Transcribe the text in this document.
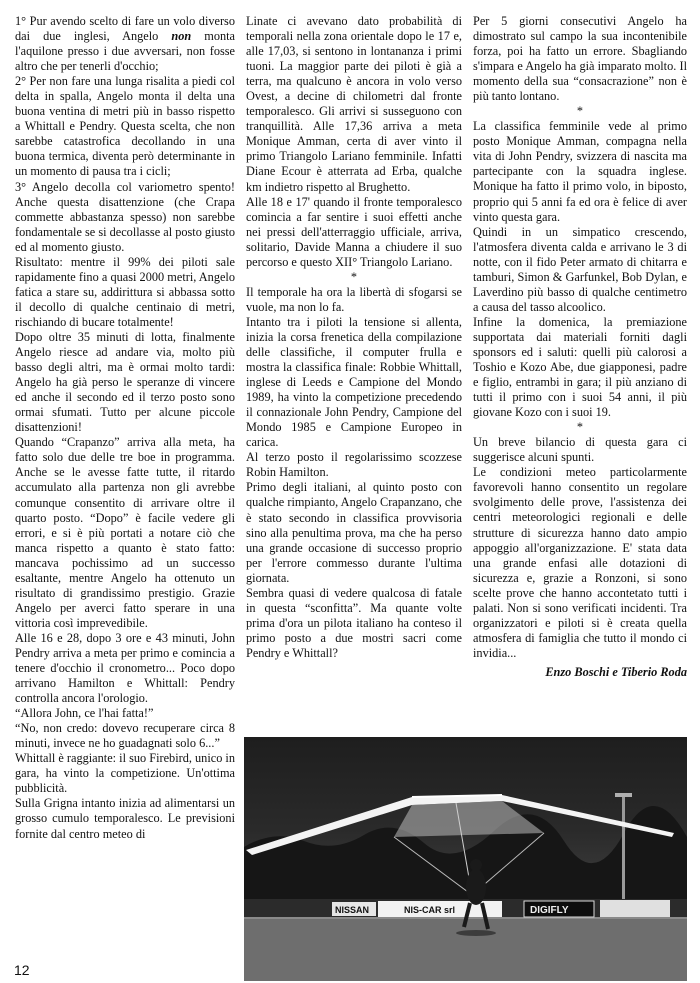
1° Pur avendo scelto di fare un volo diverso dai due inglesi, Angelo non monta l'aquilone presso i due avversari, non fosse altro che per tenerli d'occhio;

2° Per non fare una lunga risalita a piedi col delta in spalla, Angelo monta il delta una buona ventina di metri più in basso rispetto a Whittall e Pendry. Questa scelta, che non sarebbe catastrofica decollando in una buona termica, diventa però determinante in un momento di pausa tra i cicli;

3° Angelo decolla col variometro spento! Anche questa disattenzione (che Crapa commette abbastanza spesso) non sarebbe fondamentale se si decollasse al posto giusto ed al momento giusto.

Risultato: mentre il 99% dei piloti sale rapidamente fino a quasi 2000 metri, Angelo fatica a stare su, addirittura si abbassa sotto il decollo di qualche centinaio di metri, rischiando di bucare totalmente!

Dopo oltre 35 minuti di lotta, finalmente Angelo riesce ad andare via, molto più basso degli altri, ma è ormai molto tardi: Angelo ha già perso le speranze di vincere ed anche il secondo ed il terzo posto sono ormai sfumati. Tutto per alcune piccole disattenzioni!

Quando “Crapanzo” arriva alla meta, ha fatto solo due delle tre boe in programma. Anche se le avesse fatte tutte, il ritardo accumulato alla partenza non gli avrebbe comunque consentito di arrivare oltre il quarto posto. “Dopo” è facile vedere gli errori, e si è più portati a notare ciò che manca rispetto a quanto è stato fatto: mancava pochissimo ad un successo esaltante, mentre Angelo ha ottenuto un risultato di grandissimo prestigio. Grazie Angelo per averci fatto sperare in una vittoria così imprevedibile.

Alle 16 e 28, dopo 3 ore e 43 minuti, John Pendry arriva a meta per primo e comincia a tenere d'occhio il cronometro... Poco dopo arrivano Hamilton e Whittall: Pendry controlla ancora l'orologio.

“Allora John, ce l'hai fatta!”

“No, non credo: dovevo recuperare circa 8 minuti, invece ne ho guadagnati solo 6...”

Whittall è raggiante: il suo Firebird, unico in gara, ha vinto la competizione. Un'ottima pubblicità.

Sulla Grigna intanto inizia ad alimentarsi un grosso cumulo temporalesco. Le previsioni fornite dal centro meteo di

Linate ci avevano dato probabilità di temporali nella zona orientale dopo le 17 e, alle 17,03, si sentono in lontananza i primi tuoni. La maggior parte dei piloti è già a terra, ma qualcuno è ancora in volo verso Ovest, a decine di chilometri dal fronte temporalesco. Gli arrivi si susseguono con tranquillità. Alle 17,36 arriva a meta Monique Amman, certa di aver vinto il primo Triangolo Lariano femminile. Infatti Diane Ecour è atterrata ad Erba, qualche km indietro rispetto al Brughetto.

Alle 18 e 17' quando il fronte temporalesco comincia a far sentire i suoi effetti anche nei pressi dell'atterraggio ufficiale, arriva, solitario, Davide Manna a chiudere il suo percorso e questo XII° Triangolo Lariano.

*

Il temporale ha ora la libertà di sfogarsi se vuole, ma non lo fa.

Intanto tra i piloti la tensione si allenta, inizia la corsa frenetica della compilazione delle classifiche, il computer frulla e mostra la classifica finale: Robbie Whittall, inglese di Leeds e Campione del Mondo 1989, ha vinto la competizione precedendo il connazionale John Pendry, Campione del Mondo 1985 e Campione Europeo in carica.

Al terzo posto il regolarissimo scozzese Robin Hamilton.

Primo degli italiani, al quinto posto con qualche rimpianto, Angelo Crapanzano, che è stato secondo in classifica provvisoria sino alla penultima prova, ma che ha perso una grande occasione di successo proprio per l'errore commesso durante l'ultima giornata.

Sembra quasi di vedere qualcosa di fatale in questa “sconfitta”. Ma quante volte prima d'ora un pilota italiano ha conteso il primo posto a due mostri sacri come Pendry e Whittall?

Per 5 giorni consecutivi Angelo ha dimostrato sul campo la sua incontenibile forza, poi ha fatto un errore. Sbagliando s'impara e Angelo ha già imparato molto. Il momento della sua “consacrazione” non è più tanto lontano.

*

La classifica femminile vede al primo posto Monique Amman, compagna nella vita di John Pendry, svizzera di nascita ma partecipante con la squadra inglese. Monique ha fatto il primo volo, in biposto, proprio qui 5 anni fa ed ora è felice di aver vinto questa gara.

Quindi in un simpatico crescendo, l'atmosfera diventa calda e arrivano le 3 di notte, con il fido Peter armato di chitarra e tamburi, Simon & Garfunkel, Bob Dylan, e Laverdino più basso di qualche centimetro a causa del tasso alcoolico.

Infine la domenica, la premiazione supportata dai materiali forniti dagli sponsors ed i saluti: quelli più calorosi a Toshio e Kozo Abe, due giapponesi, padre e figlio, entrambi in gara; il più anziano di tutti il primo con i suoi 54 anni, il più giovane Kozo con i suoi 19.

*

Un breve bilancio di questa gara ci suggerisce alcuni spunti.

Le condizioni meteo particolarmente favorevoli hanno consentito un regolare svolgimento delle prove, l'assistenza dei centri meteorologici regionali e delle strutture di sicurezza hanno dato ampio appoggio all'organizzazione. E' stata data una grande enfasi alle dotazioni di sicurezza e, grazie a Ronzoni, si sono scelte prove che hanno accontetato tutti i palati. Non si sono verificati incidenti. Tra organizzatori e piloti si è creata quella atmosfera di famiglia che tutto il mondo ci invidia...

Enzo Boschi e Tiberio Roda

NISSAN	NIS-CAR srl	DIGIFLY
12
